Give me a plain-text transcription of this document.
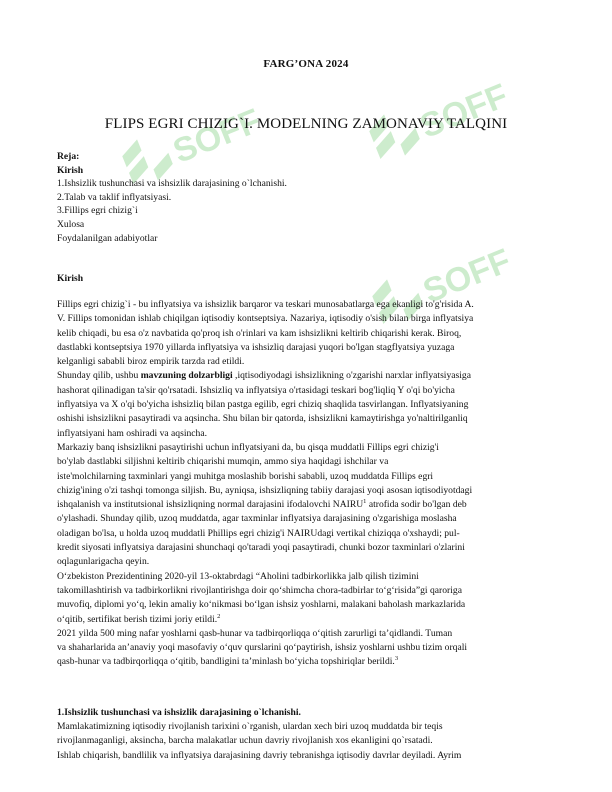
SOFF	SOFF
SOFF
FARG’ONA 2024
FLIPS EGRI CHIZIG`I. MODELNING ZAMONAVIY TALQINI
Reja:
Kirish
1.Ishsizlik tushunchasi va ishsizlik darajasining o`lchanishi.
2.Talab va taklif inflyatsiyasi.
3.Fillips egri chizig`i
Xulosa
Foydalanilgan adabiyotlar
Kirish
Fillips egri chizig`i - bu inflyatsiya va ishsizlik barqaror va teskari munosabatlarga ega ekanligi to'g'risida A.
V. Fillips tomonidan ishlab chiqilgan iqtisodiy kontseptsiya. Nazariya, iqtisodiy o'sish bilan birga inflyatsiya
kelib chiqadi, bu esa o'z navbatida qo'proq ish o'rinlari va kam ishsizlikni keltirib chiqarishi kerak. Biroq,
dastlabki kontseptsiya 1970 yillarda inflyatsiya va ishsizliq darajasi yuqori bo'lgan stagflyatsiya yuzaga
kelganligi sababli biroz empirik tarzda rad etildi.
Shunday qilib, ushbu mavzuning dolzarbligi ,iqtisodiyodagi ishsizlikning o'zgarishi narxlar inflyatsiyasiga
hashorat qilinadigan ta'sir qo'rsatadi. Ishsizliq va inflyatsiya o'rtasidagi teskari bog'liqliq Y o'qi bo'yicha
inflyatsiya va X o'qi bo'yicha ishsizliq bilan pastga egilib, egri chiziq shaqlida tasvirlangan. Inflyatsiyaning
oshishi ishsizlikni pasaytiradi va aqsincha. Shu bilan bir qatorda, ishsizlikni kamaytirishga yo'naltirilganliq
inflyatsiyani ham oshiradi va aqsincha.
Markaziy banq ishsizlikni pasaytirishi uchun inflyatsiyani da, bu qisqa muddatli Fillips egri chizig'i
bo'ylab dastlabki siljishni keltirib chiqarishi mumqin, ammo siya haqidagi ishchilar va
iste'molchilarning taxminlari yangi muhitga moslashib borishi sababli, uzoq muddatda Fillips egri
chizig'ining o'zi tashqi tomonga siljish. Bu, ayniqsa, ishsizliqning tabiiy darajasi yoqi asosan iqtisodiyotdagi
ishqalanish va institutsional ishsizliqning normal darajasini ifodalovchi NAIRU$^1$ atrofida sodir bo'lgan deb
o'ylashadi. Shunday qilib, uzoq muddatda, agar taxminlar inflyatsiya darajasining o'zgarishiga moslasha
oladigan bo'lsa, u holda uzoq muddatli Phillips egri chizig'i NAIRUdagi vertikal chiziqqa o'xshaydi; pul-
kredit siyosati inflyatsiya darajasini shunchaqi qo'taradi yoqi pasaytiradi, chunki bozor taxminlari o'zlarini
oqlagunlarigacha qeyin.
O‘zbekiston Prezidentining 2020-yil 13-oktabrdagi “Aholini tadbirkorlikka jalb qilish tizimini
takomillashtirish va tadbirkorlikni rivojlantirishga doir qo‘shimcha chora-tadbirlar to‘g‘risida”gi qaroriga
muvofiq, diplomi yo‘q, lekin amaliy ko‘nikmasi bo‘lgan ishsiz yoshlarni, malakani baholash markazlarida
o‘qitib, sertifikat berish tizimi joriy etildi.$^2$
2021 yilda 500 ming nafar yoshlarni qasb-hunar va tadbirqorliqqa o‘qitish zarurligi ta’qidlandi. Tuman
va shaharlarida an’anaviy yoqi masofaviy o‘quv qurslarini qo‘paytirish, ishsiz yoshlarni ushbu tizim orqali
qasb-hunar va tadbirqorliqqa o‘qitib, bandligini ta’minlash bo‘yicha topshiriqlar berildi.$^3$
1.Ishsizlik tushunchasi va ishsizlik darajasining o`lchanishi.
Mamlakatimizning iqtisodiy rivojlanish tarixini o`rganish, ulardan xech biri uzoq muddatda bir teqis
rivojlanmaganligi, aksincha, barcha malakatlar uchun davriy rivojlanish xos ekanligini qo`rsatadi.
Ishlab chiqarish, bandlilik va inflyatsiya darajasining davriy tebranishga iqtisodiy davrlar deyiladi. Ayrim
